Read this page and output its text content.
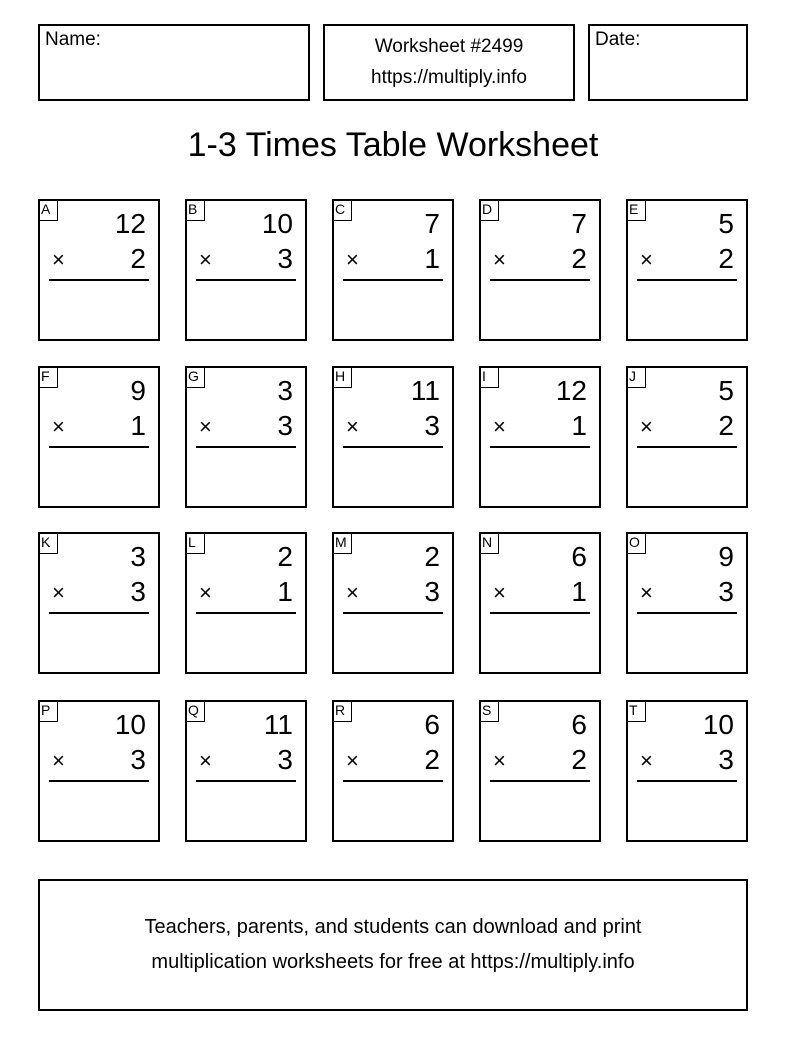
Name:	Worksheet #2499
https://multiply.info
Date:
1-3 Times Table Worksheet
A 12
× 2
B 10
× 3
C	7
× 1
D	7
× 2
E	5
× 2
F	9
× 1
G	3
× 3
H 11
× 3
I	12
× 1
J	5
× 2
K	3
× 3
L	2
× 1
M	2
× 3
N	6
× 1
O	9
× 3
P 10
× 3
Q 11
× 3
R	6
× 2
S	6
× 2
T	10
× 3
Teachers, parents, and students can download and print
multiplication worksheets for free at https://multiply.info
